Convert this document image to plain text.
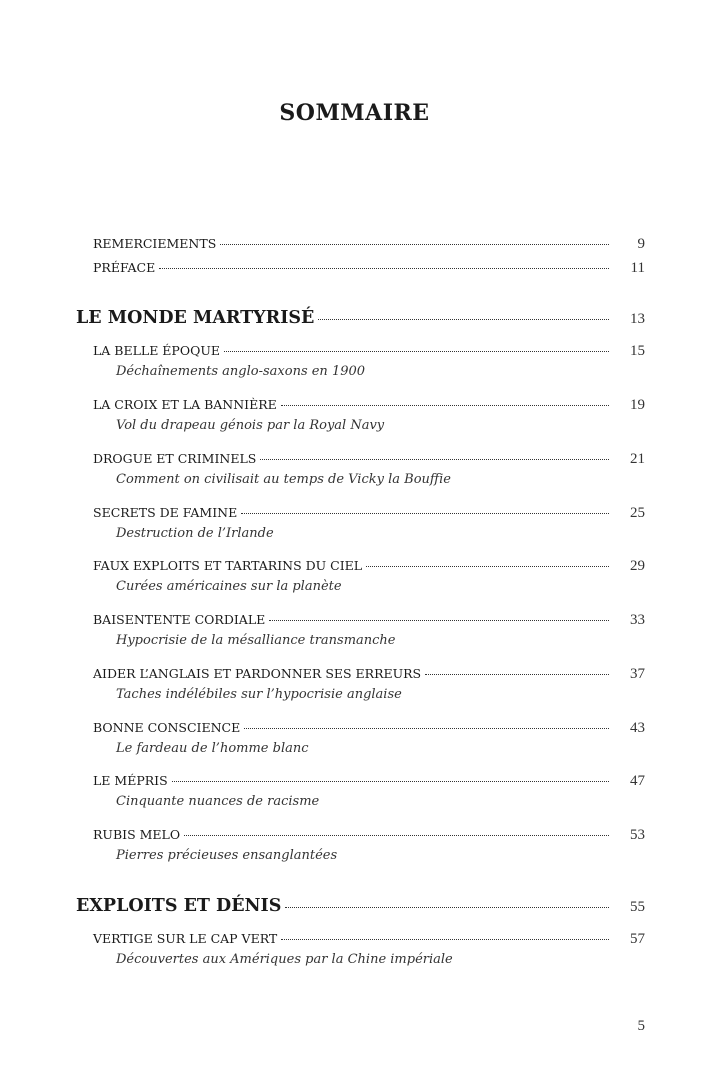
SOMMAIRE
REMERCIEMENTS	9
PRÉFACE	11
LE MONDE MARTYRISÉ	13
LA BELLE ÉPOQUE	15
Déchaînements anglo-saxons en 1900
LA CROIX ET LA BANNIÈRE	19
Vol du drapeau génois par la Royal Navy
DROGUE ET CRIMINELS	21
Comment on civilisait au temps de Vicky la Bouffie
SECRETS DE FAMINE	25
Destruction de l’Irlande
FAUX EXPLOITS ET TARTARINS DU CIEL	29
Curées américaines sur la planète
BAISENTENTE CORDIALE	33
Hypocrisie de la mésalliance transmanche
AIDER L’ANGLAIS ET PARDONNER SES ERREURS	37
Taches indélébiles sur l’hypocrisie anglaise
BONNE CONSCIENCE	43
Le fardeau de l’homme blanc
LE MÉPRIS	47
Cinquante nuances de racisme
RUBIS MELO	53
Pierres précieuses ensanglantées
EXPLOITS ET DÉNIS	55
VERTIGE SUR LE CAP VERT	57
Découvertes aux Amériques par la Chine impériale
5
